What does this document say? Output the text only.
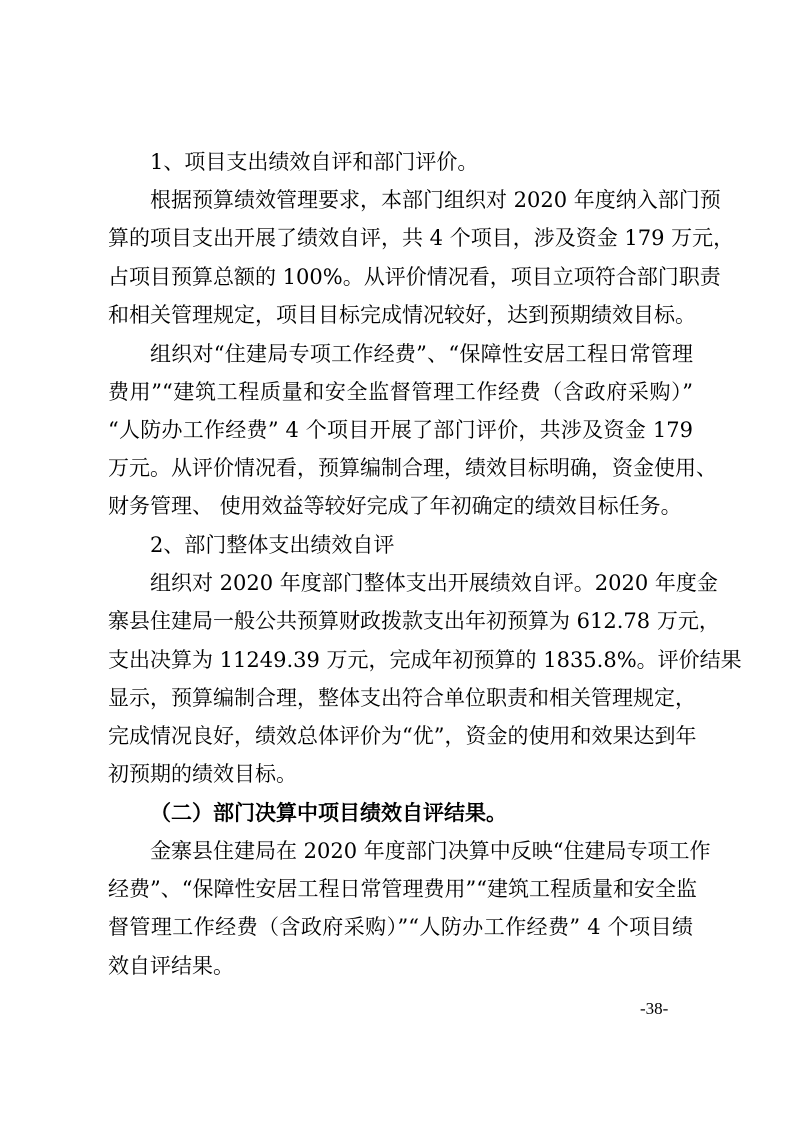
1、项目支出绩效自评和部门评价。
根据预算绩效管理要求，本部门组织对 2020 年度纳入部门预
算的项目支出开展了绩效自评，共 4 个项目，涉及资金 179 万元，
占项目预算总额的 100%。从评价情况看，项目立项符合部门职责
和相关管理规定，项目目标完成情况较好，达到预期绩效目标。
组织对“住建局专项工作经费”、“保障性安居工程日常管理
费用”“建筑工程质量和安全监督管理工作经费（含政府采购）”
“人防办工作经费” 4 个项目开展了部门评价，共涉及资金 179
万元。从评价情况看，预算编制合理，绩效目标明确，资金使用、
财务管理、 使用效益等较好完成了年初确定的绩效目标任务。
2、部门整体支出绩效自评
组织对 2020 年度部门整体支出开展绩效自评。2020 年度金
寨县住建局一般公共预算财政拨款支出年初预算为 612.78 万元，
支出决算为 11249.39 万元，完成年初预算的 1835.8%。评价结果
显示，预算编制合理，整体支出符合单位职责和相关管理规定，
完成情况良好，绩效总体评价为“优”，资金的使用和效果达到年
初预期的绩效目标。
（二）部门决算中项目绩效自评结果。
金寨县住建局在 2020 年度部门决算中反映“住建局专项工作
经费”、“保障性安居工程日常管理费用”“建筑工程质量和安全监
督管理工作经费（含政府采购）”“人防办工作经费” 4 个项目绩
效自评结果。
-38-
